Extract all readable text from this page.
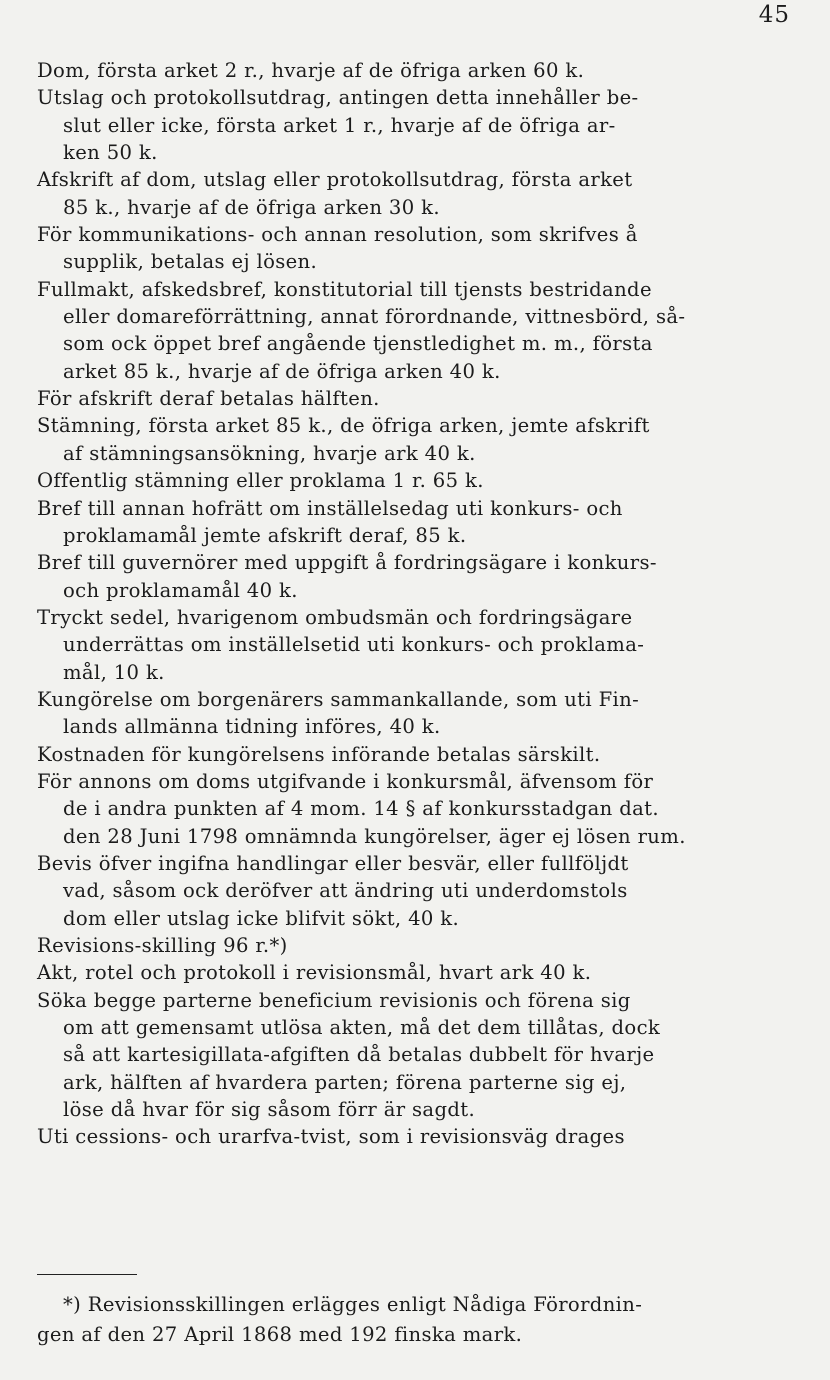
45
Dom, första arket 2 r., hvarje af de öfriga arken 60 k.
Utslag och protokollsutdrag, antingen detta innehåller be-
slut eller icke, första arket 1 r., hvarje af de öfriga ar-
ken 50 k.
Afskrift af dom, utslag eller protokollsutdrag, första arket
85 k., hvarje af de öfriga arken 30 k.
För kommunikations- och annan resolution, som skrifves å
supplik, betalas ej lösen.
Fullmakt, afskedsbref, konstitutorial till tjensts bestridande
eller domareförrättning, annat förordnande, vittnesbörd, så-
som ock öppet bref angående tjenstledighet m. m., första
arket 85 k., hvarje af de öfriga arken 40 k.
För afskrift deraf betalas hälften.
Stämning, första arket 85 k., de öfriga arken, jemte afskrift
af stämningsansökning, hvarje ark 40 k.
Offentlig stämning eller proklama 1 r. 65 k.
Bref till annan hofrätt om inställelsedag uti konkurs- och
proklamamål jemte afskrift deraf, 85 k.
Bref till guvernörer med uppgift å fordringsägare i konkurs-
och proklamamål 40 k.
Tryckt sedel, hvarigenom ombudsmän och fordringsägare
underrättas om inställelsetid uti konkurs- och proklama-
mål, 10 k.
Kungörelse om borgenärers sammankallande, som uti Fin-
lands allmänna tidning införes, 40 k.
Kostnaden för kungörelsens införande betalas särskilt.
För annons om doms utgifvande i konkursmål, äfvensom för
de i andra punkten af 4 mom. 14 § af konkursstadgan dat.
den 28 Juni 1798 omnämnda kungörelser, äger ej lösen rum.
Bevis öfver ingifna handlingar eller besvär, eller fullföljdt
vad, såsom ock deröfver att ändring uti underdomstols
dom eller utslag icke blifvit sökt, 40 k.
Revisions-skilling 96 r.*)
Akt, rotel och protokoll i revisionsmål, hvart ark 40 k.
Söka begge parterne beneficium revisionis och förena sig
om att gemensamt utlösa akten, må det dem tillåtas, dock
så att kartesigillata-afgiften då betalas dubbelt för hvarje
ark, hälften af hvardera parten; förena parterne sig ej,
löse då hvar för sig såsom förr är sagdt.
Uti cessions- och urarfva-tvist, som i revisionsväg drages
*) Revisionsskillingen erlägges enligt Nådiga Förordnin-
gen af den 27 April 1868 med 192 finska mark.
